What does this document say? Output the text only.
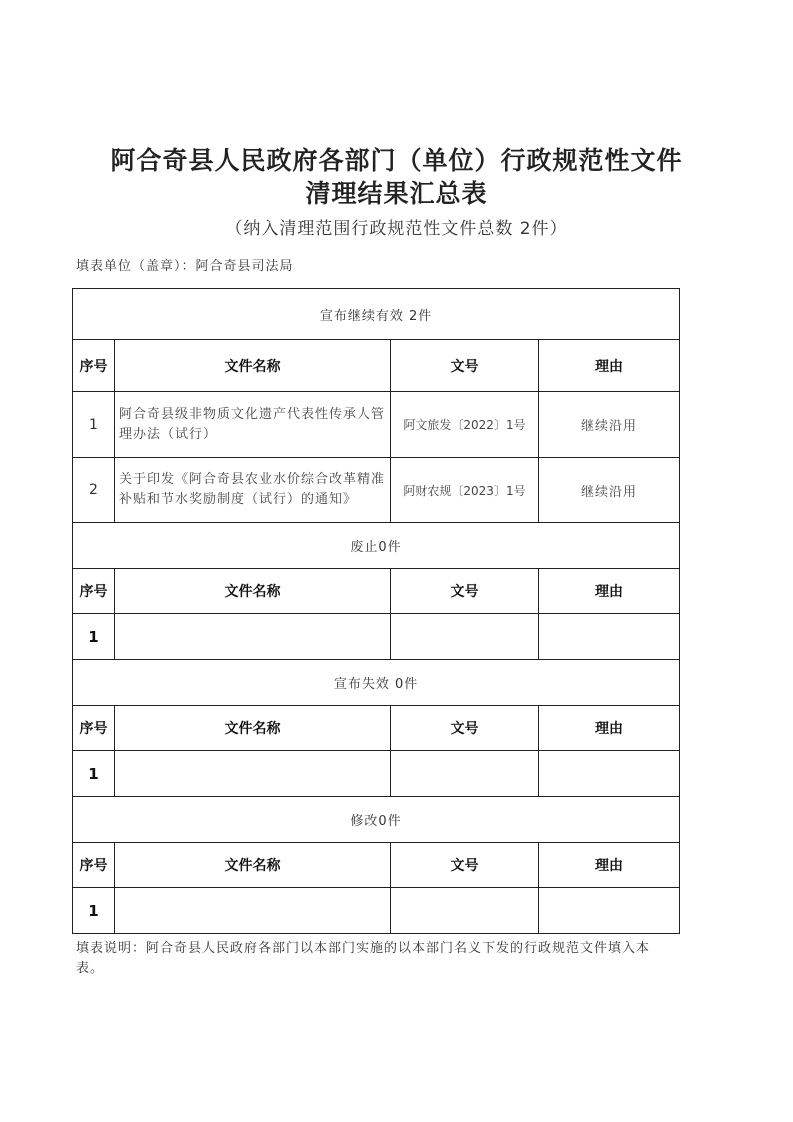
阿合奇县人民政府各部门（单位）行政规范性文件
清理结果汇总表
（纳入清理范围行政规范性文件总数 2件）
填表单位（盖章）：阿合奇县司法局
宣布继续有效 2件			
序号	文件名称	文号	理由
1	阿合奇县级非物质文化遗产代表性传承人管理办法（试行）	阿文旅发〔2022〕1号	继续沿用
2	关于印发《阿合奇县农业水价综合改革精准补贴和节水奖励制度（试行）的通知》	阿财农规〔2023〕1号	继续沿用
废止0件			
序号	文件名称	文号	理由
1			
宣布失效 0件			
序号	文件名称	文号	理由
1			
修改0件			
序号	文件名称	文号	理由
1			
填表说明：阿合奇县人民政府各部门以本部门实施的以本部门名义下发的行政规范文件填入本表。
